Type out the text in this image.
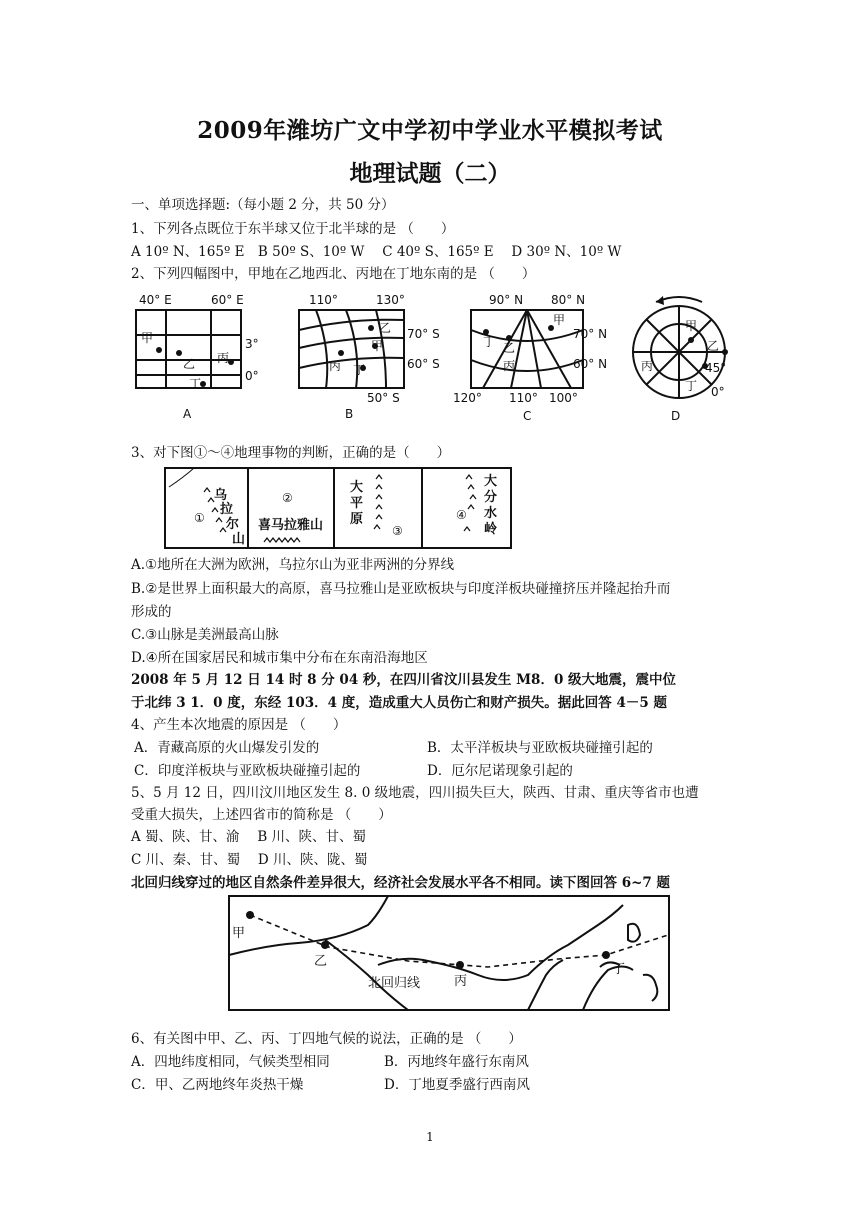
2009年潍坊广文中学初中学业水平模拟考试
地理试题（二）
一、单项选择题:（每小题 2 分，共 50 分）
1、下列各点既位于东半球又位于北半球的是 （　　）
A 10º N、165º E　B 50º S、10º W　 C 40º S、165º E　 D 30º N、10º W
2、下列四幅图中，甲地在乙地西北、丙地在丁地东南的是 （　　）
40° E	60° E
3°
0°
甲
乙 丙
丁
A
110°	130°
70° S
60° S
50° S
乙
甲
丙 丁
B
90° N 80° N
70° N
60° N
120° 110° 100°
甲
丁 乙
丙
C
甲
乙
丙
丁
45°
0°
D
3、对下图①～④地理事物的判断，正确的是（　　）
①
②
③
④
乌
拉
尔
山
喜马拉雅山
大
平
原
大
分
水
岭
A.①地所在大洲为欧洲，乌拉尔山为亚非两洲的分界线
B.②是世界上面积最大的高原，喜马拉雅山是亚欧板块与印度洋板块碰撞挤压并隆起抬升而
形成的
C.③山脉是美洲最高山脉
D.④所在国家居民和城市集中分布在东南沿海地区
2008 年 5 月 12 日 14 时 8 分 04 秒，在四川省汶川县发生 M8．0 级大地震，震中位
于北纬 3 1．0 度，东经 103．4 度，造成重大人员伤亡和财产损失。据此回答 4－5 题
4、产生本次地震的原因是 （　　）
A．青藏高原的火山爆发引发的	B．太平洋板块与亚欧板块碰撞引起的
C．印度洋板块与亚欧板块碰撞引起的	D．厄尔尼诺现象引起的
5、5 月 12 日，四川汶川地区发生 8. 0 级地震，四川损失巨大，陕西、甘肃、重庆等省市也遭
受重大损失，上述四省市的简称是 （　　）
A 蜀、陕、甘、渝　 B 川、陕、甘、蜀
C 川、秦、甘、蜀　 D 川、陕、陇、蜀
北回归线穿过的地区自然条件差异很大，经济社会发展水平各不相同。读下图回答 6~7 题
甲
乙
丙
丁
北回归线
6、有关图中甲、乙、丙、丁四地气候的说法，正确的是 （　　）
A．四地纬度相同，气候类型相同	B．丙地终年盛行东南风
C．甲、乙两地终年炎热干燥	D．丁地夏季盛行西南风
1
